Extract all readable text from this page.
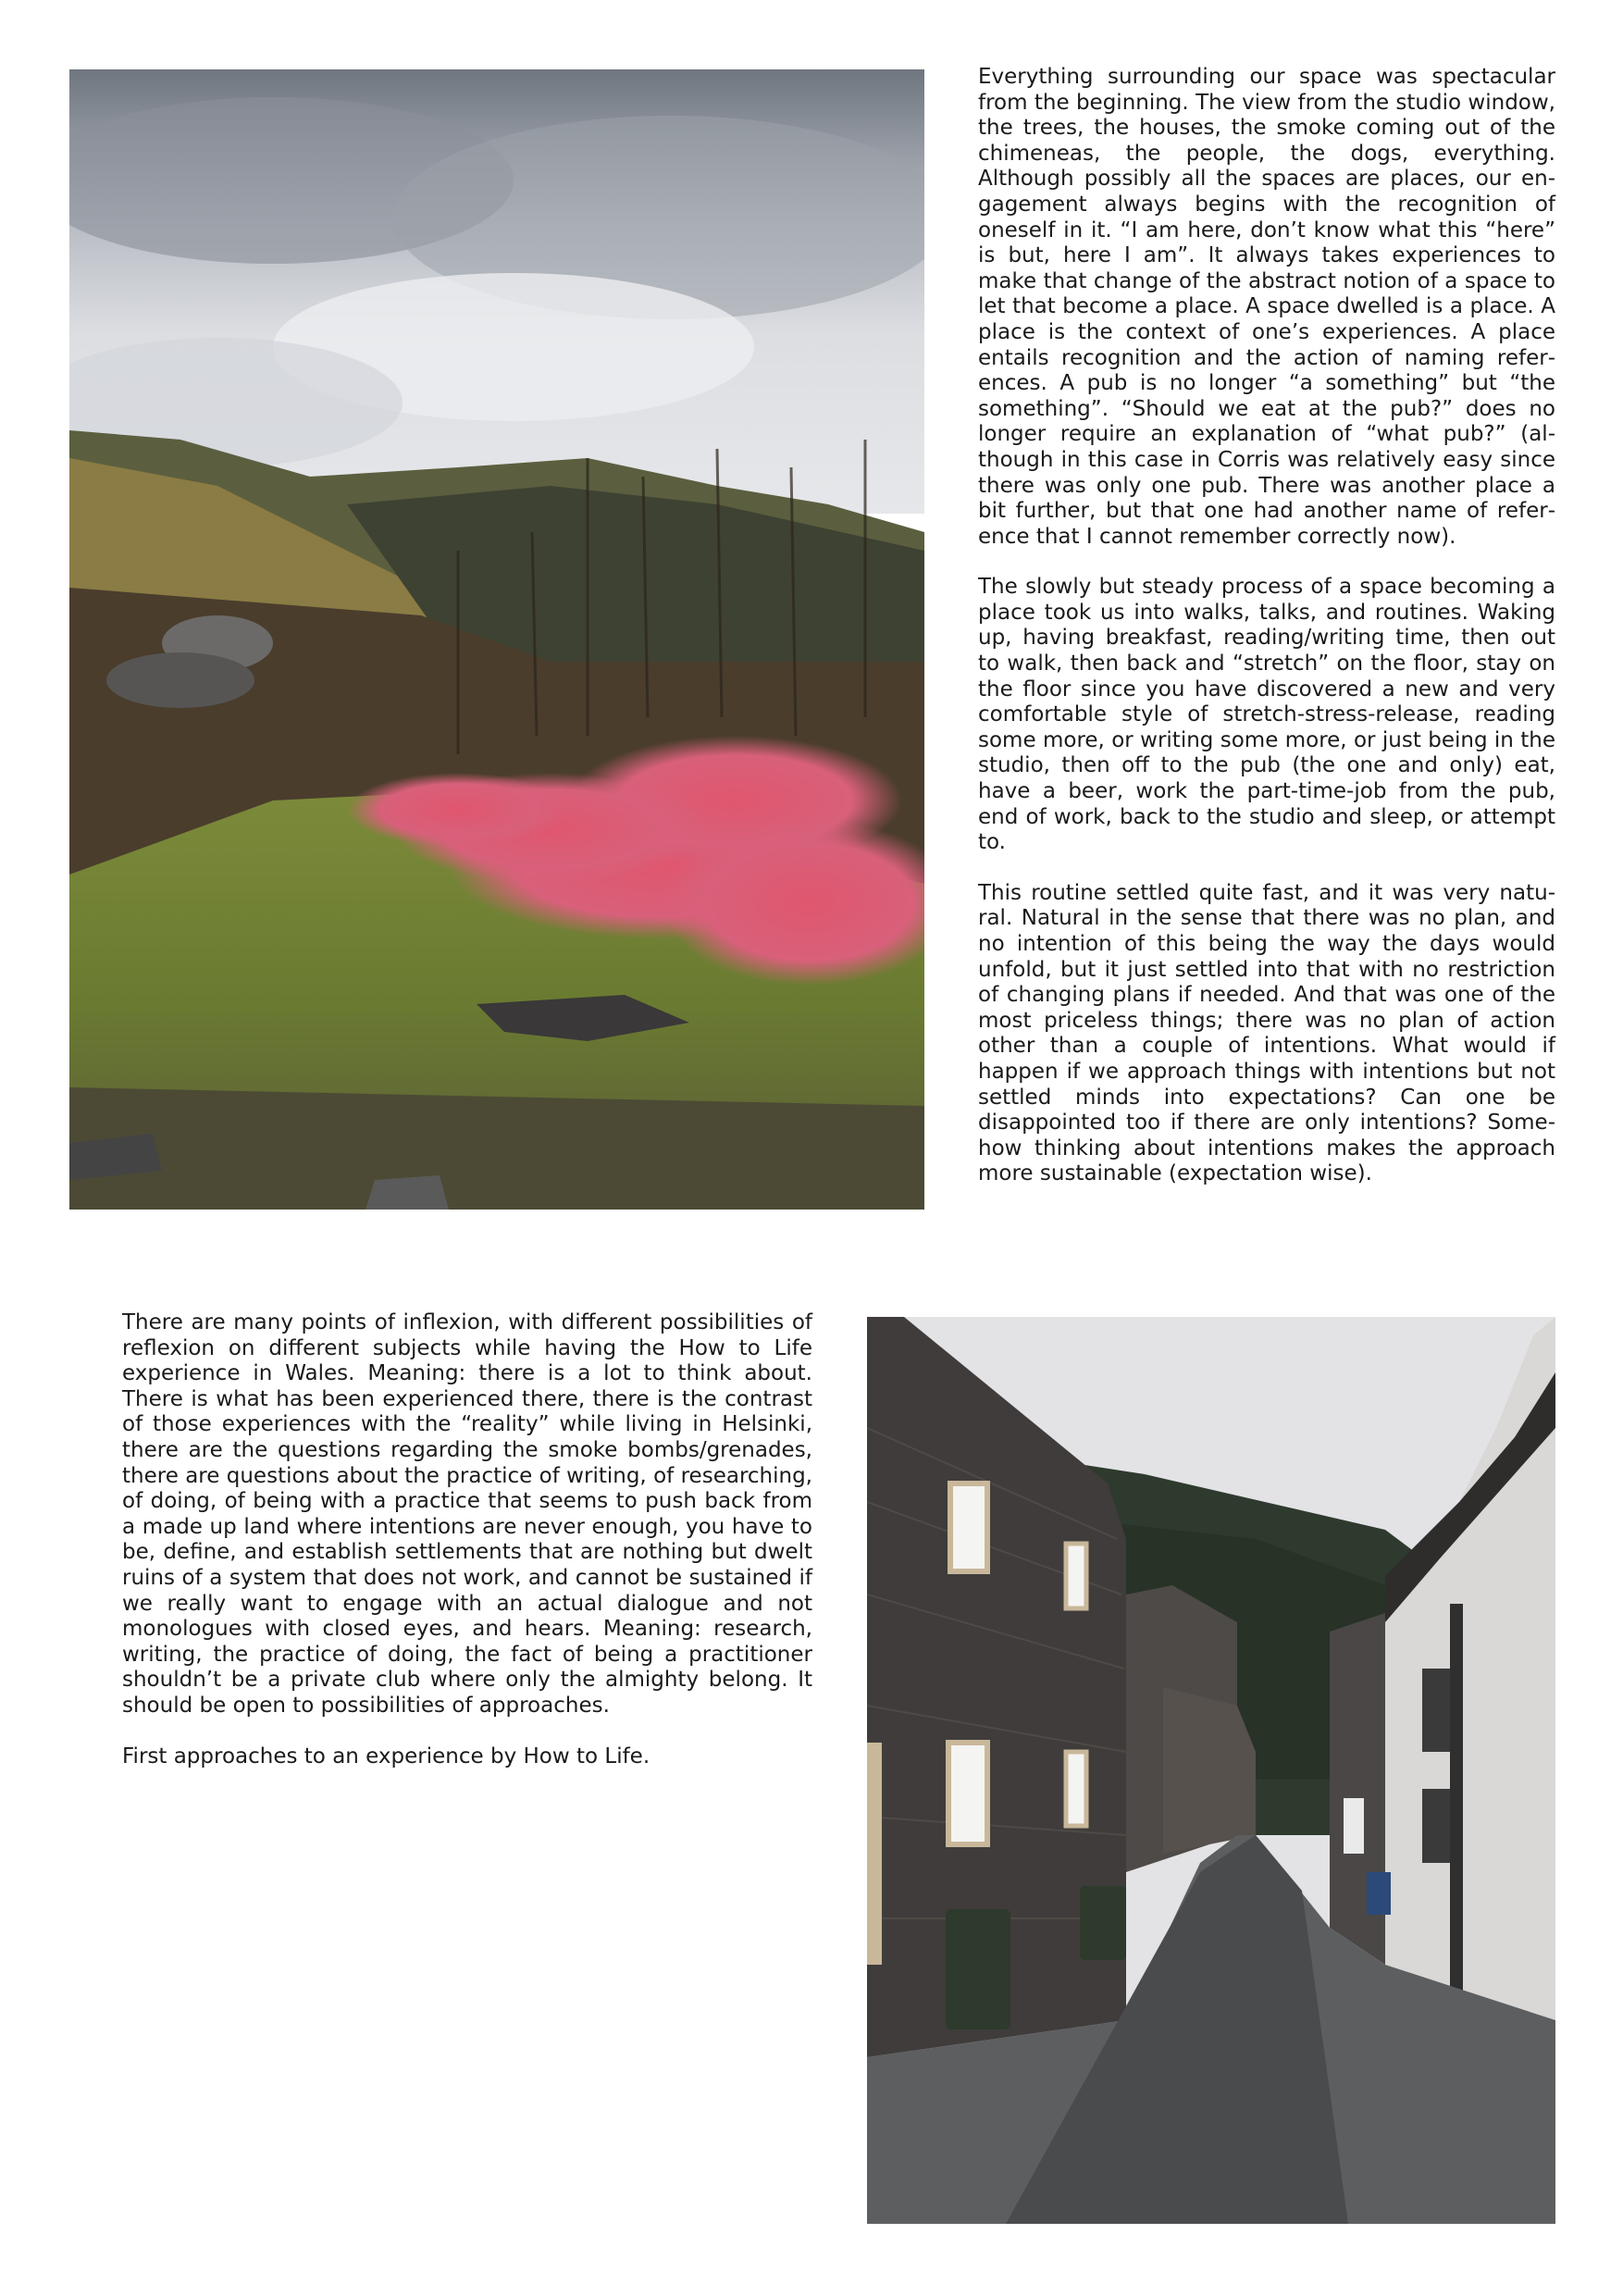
Everything surrounding our space was spectacular from the beginning. The view from the studio window, the trees, the houses, the smoke coming out of the chimeneas, the people, the dogs, everything. Although possibly all the spaces are places, our engagement always begins with the recognition of oneself in it. “I am here, don’t know what this “here” is but, here I am”. It always takes experiences to make that change of the abstract notion of a space to let that become a place. A space dwelled is a place. A place is the context of one’s experiences. A place entails recognition and the action of naming references. A pub is no longer “a something” but “the something”. “Should we eat at the pub?” does no longer require an explanation of “what pub?” (although in this case in Corris was relatively easy since there was only one pub. There was another place a bit further, but that one had another name of reference that I cannot remember correctly now).

The slowly but steady process of a space becoming a place took us into walks, talks, and routines. Waking up, having breakfast, reading/writing time, then out to walk, then back and “stretch” on the floor, stay on the floor since you have discovered a new and very comfortable style of stretch-stress-release, reading some more, or writing some more, or just being in the studio, then off to the pub (the one and only) eat, have a beer, work the part-time-job from the pub, end of work, back to the studio and sleep, or attempt to.

This routine settled quite fast, and it was very natural. Natural in the sense that there was no plan, and no intention of this being the way the days would unfold, but it just settled into that with no restriction of changing plans if needed. And that was one of the most priceless things; there was no plan of action other than a couple of intentions. What would if happen if we approach things with intentions but not settled minds into expectations? Can one be disappointed too if there are only intentions? Somehow thinking about intentions makes the approach more sustainable (expectation wise).

There are many points of inflexion, with different possibilities of reflexion on different subjects while having the How to Life experience in Wales. Meaning: there is a lot to think about. There is what has been experienced there, there is the contrast of those experiences with the “reality” while living in Helsinki, there are the questions regarding the smoke bombs/grenades, there are questions about the practice of writing, of researching, of doing, of being with a practice that seems to push back from a made up land where intentions are never enough, you have to be, define, and establish settlements that are nothing but dwelt ruins of a system that does not work, and cannot be sustained if we really want to engage with an actual dialogue and not monologues with closed eyes, and hears. Meaning: research, writing, the practice of doing, the fact of being a practitioner shouldn’t be a private club where only the almighty belong. It should be open to possibilities of approaches.

First approaches to an experience by How to Life.
